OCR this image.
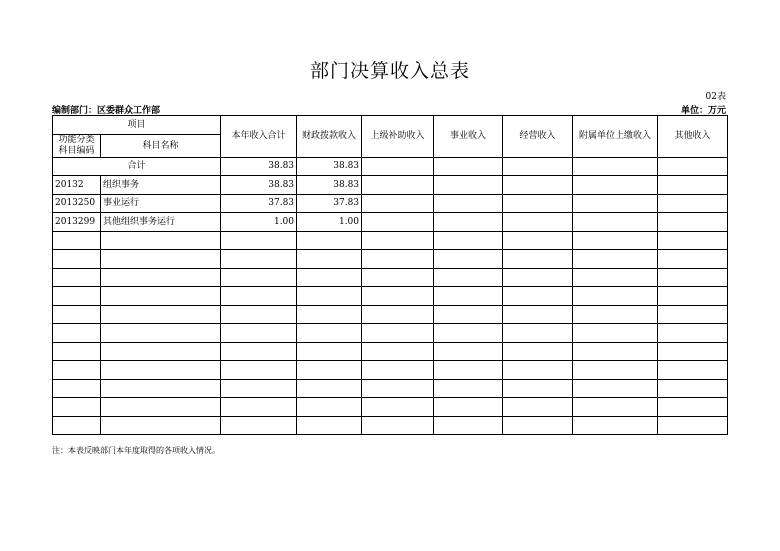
部门决算收入总表
02表
编制部门：区委群众工作部	单位：万元
项目		本年收入合计	财政拨款收入	上级补助收入	事业收入	经营收入	附属单位上缴收入	其他收入
功能分类科目编码	科目名称							
合计		38.83	38.83					
20132	组织事务	38.83	38.83					
2013250	事业运行	37.83	37.83					
2013299	其他组织事务运行	1.00	1.00					

注：本表反映部门本年度取得的各项收入情况。
